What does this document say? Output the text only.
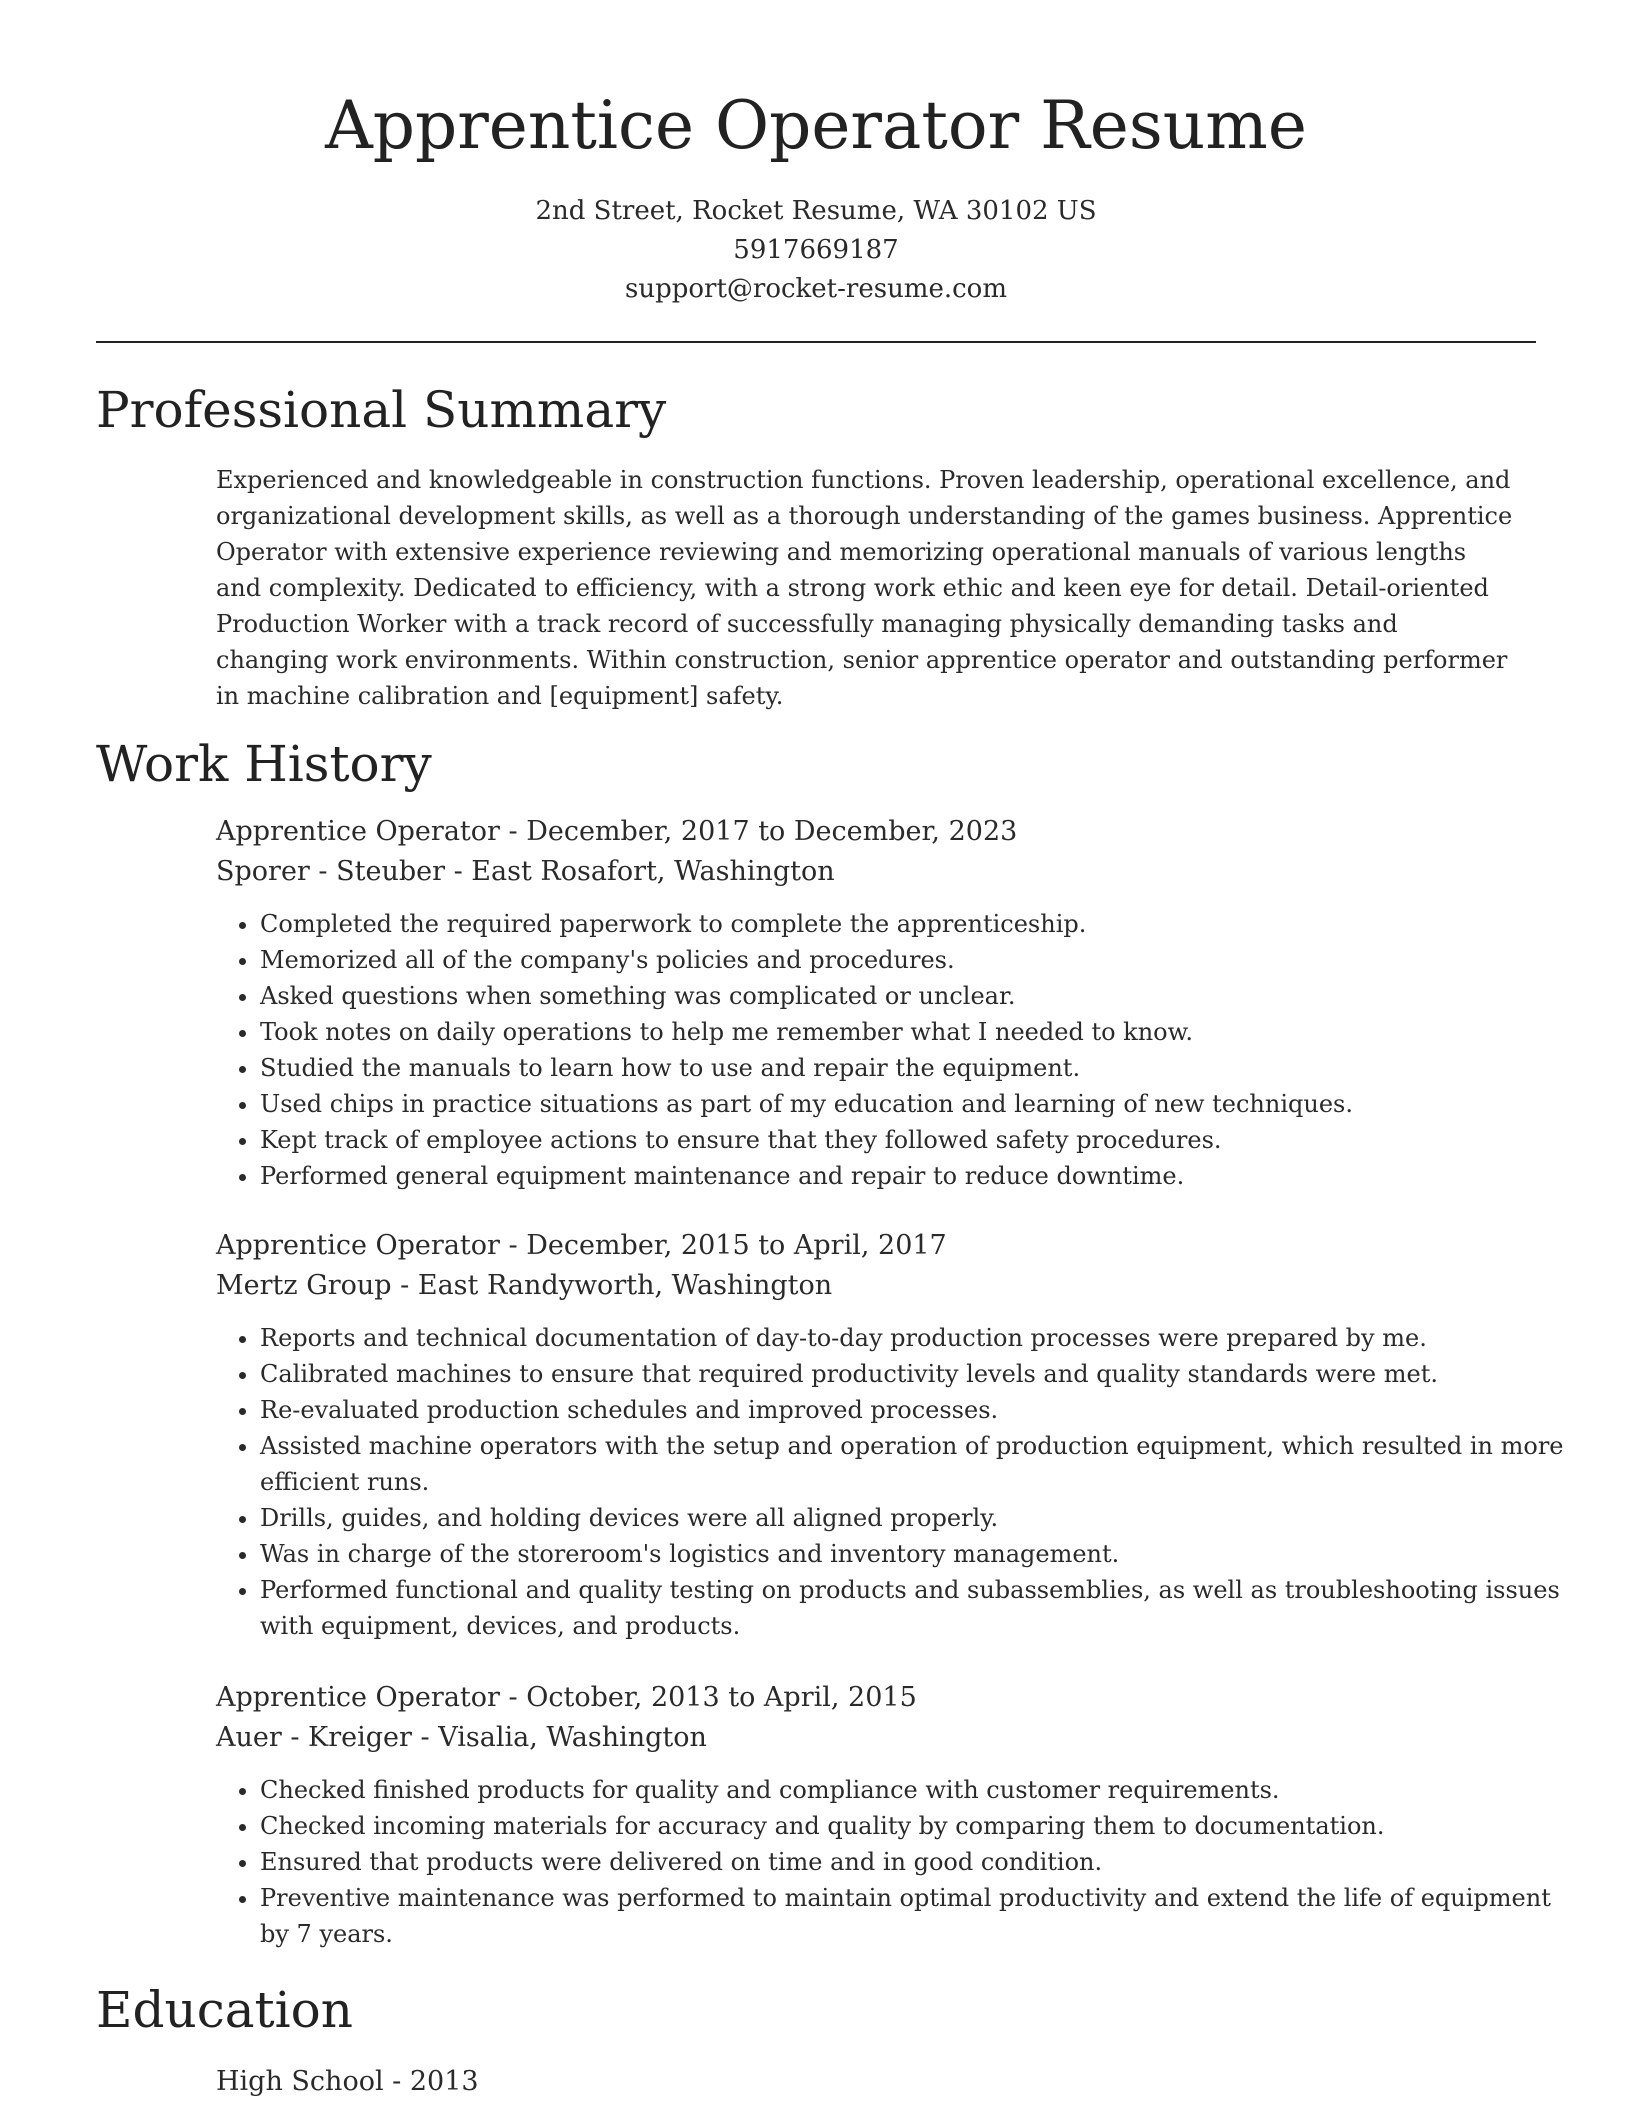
Apprentice Operator Resume
2nd Street, Rocket Resume, WA 30102 US
5917669187
support@rocket-resume.com
Professional Summary
Experienced and knowledgeable in construction functions. Proven leadership, operational excellence, and organizational development skills, as well as a thorough understanding of the games business. Apprentice Operator with extensive experience reviewing and memorizing operational manuals of various lengths and complexity. Dedicated to efficiency, with a strong work ethic and keen eye for detail. Detail-oriented Production Worker with a track record of successfully managing physically demanding tasks and changing work environments. Within construction, senior apprentice operator and outstanding performer in machine calibration and [equipment] safety.
Work History
Apprentice Operator - December, 2017 to December, 2023
Sporer - Steuber - East Rosafort, Washington
• Completed the required paperwork to complete the apprenticeship.
• Memorized all of the company's policies and procedures.
• Asked questions when something was complicated or unclear.
• Took notes on daily operations to help me remember what I needed to know.
• Studied the manuals to learn how to use and repair the equipment.
• Used chips in practice situations as part of my education and learning of new techniques.
• Kept track of employee actions to ensure that they followed safety procedures.
• Performed general equipment maintenance and repair to reduce downtime.
Apprentice Operator - December, 2015 to April, 2017
Mertz Group - East Randyworth, Washington
• Reports and technical documentation of day-to-day production processes were prepared by me.
• Calibrated machines to ensure that required productivity levels and quality standards were met.
• Re-evaluated production schedules and improved processes.
• Assisted machine operators with the setup and operation of production equipment, which resulted in more efficient runs.
• Drills, guides, and holding devices were all aligned properly.
• Was in charge of the storeroom's logistics and inventory management.
• Performed functional and quality testing on products and subassemblies, as well as troubleshooting issues with equipment, devices, and products.
Apprentice Operator - October, 2013 to April, 2015
Auer - Kreiger - Visalia, Washington
• Checked finished products for quality and compliance with customer requirements.
• Checked incoming materials for accuracy and quality by comparing them to documentation.
• Ensured that products were delivered on time and in good condition.
• Preventive maintenance was performed to maintain optimal productivity and extend the life of equipment by 7 years.
Education
High School - 2013
